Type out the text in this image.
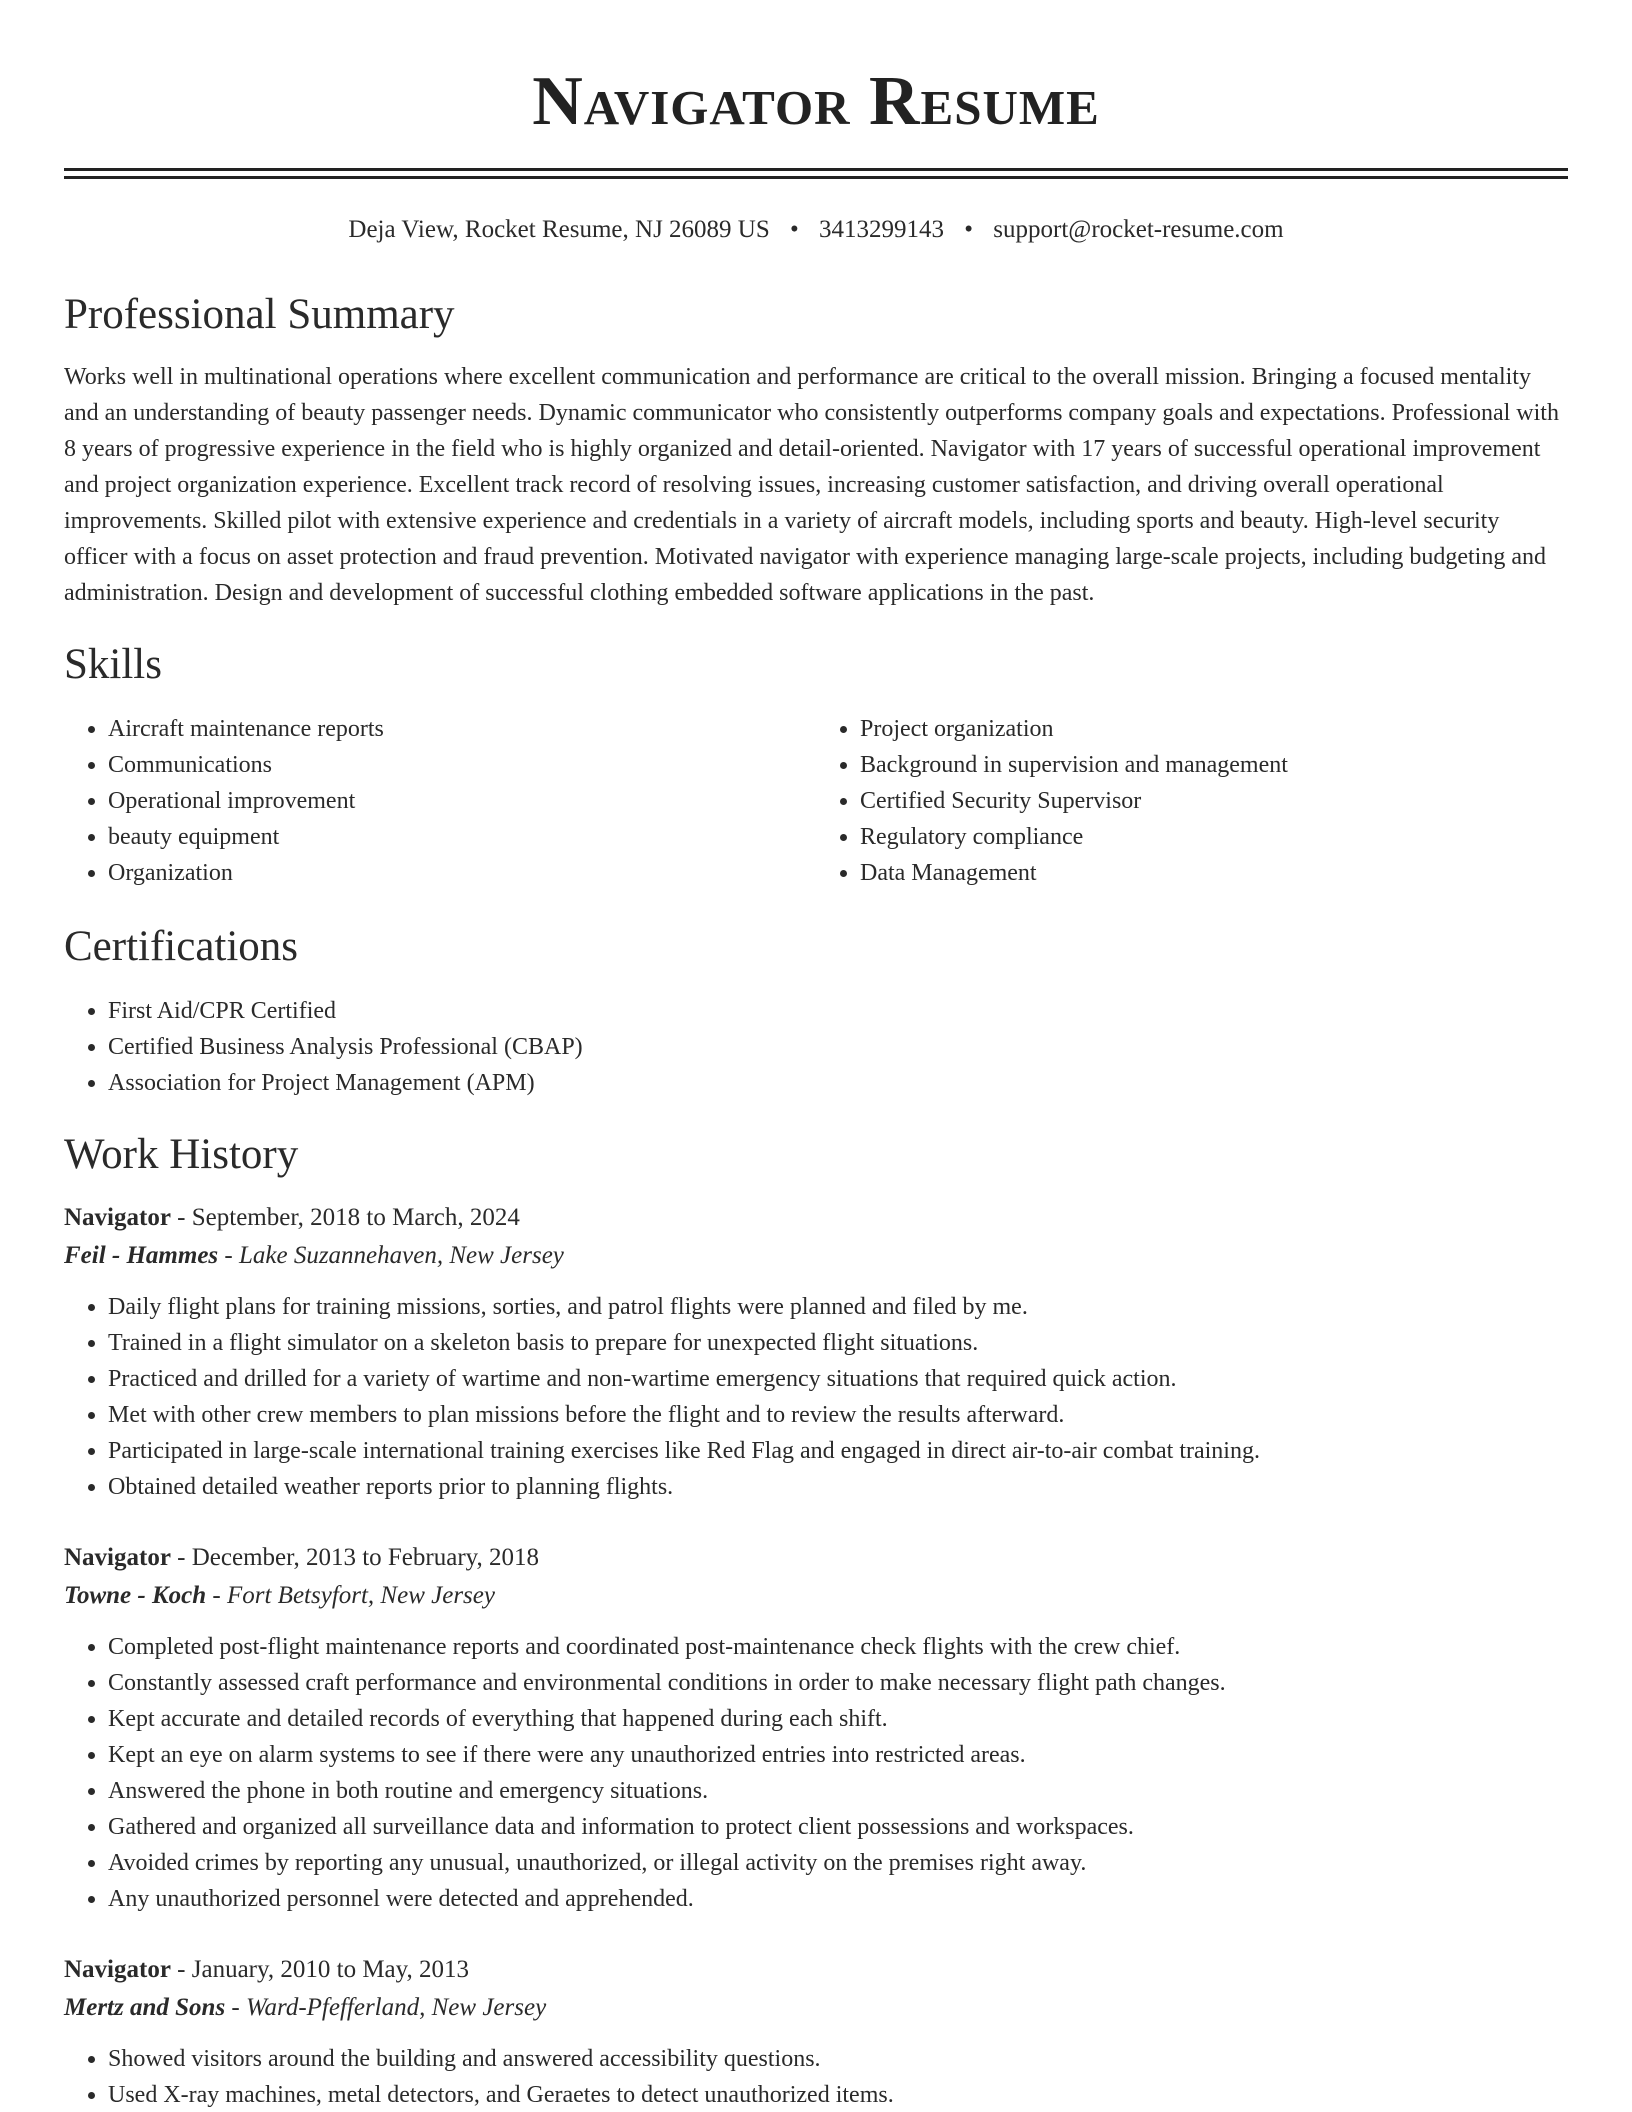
Navigator Resume
Deja View, Rocket Resume, NJ 26089 US • 3413299143 • support@rocket-resume.com
Professional Summary

Works well in multinational operations where excellent communication and performance are critical to the overall mission. Bringing a focused mentality and an understanding of beauty passenger needs. Dynamic communicator who consistently outperforms company goals and expectations. Professional with 8 years of progressive experience in the field who is highly organized and detail-oriented. Navigator with 17 years of successful operational improvement and project organization experience. Excellent track record of resolving issues, increasing customer satisfaction, and driving overall operational improvements. Skilled pilot with extensive experience and credentials in a variety of aircraft models, including sports and beauty. High-level security officer with a focus on asset protection and fraud prevention. Motivated navigator with experience managing large-scale projects, including budgeting and administration. Design and development of successful clothing embedded software applications in the past.

Skills
• Aircraft maintenance reports
• Communications
• Operational improvement
• beauty equipment
• Organization
• Project organization
• Background in supervision and management
• Certified Security Supervisor
• Regulatory compliance
• Data Management
Certifications
• First Aid/CPR Certified
• Certified Business Analysis Professional (CBAP)
• Association for Project Management (APM)
Work History
Navigator - September, 2018 to March, 2024
Feil - Hammes - Lake Suzannehaven, New Jersey
• Daily flight plans for training missions, sorties, and patrol flights were planned and filed by me.
• Trained in a flight simulator on a skeleton basis to prepare for unexpected flight situations.
• Practiced and drilled for a variety of wartime and non-wartime emergency situations that required quick action.
• Met with other crew members to plan missions before the flight and to review the results afterward.
• Participated in large-scale international training exercises like Red Flag and engaged in direct air-to-air combat training.
• Obtained detailed weather reports prior to planning flights.
Navigator - December, 2013 to February, 2018
Towne - Koch - Fort Betsyfort, New Jersey
• Completed post-flight maintenance reports and coordinated post-maintenance check flights with the crew chief.
• Constantly assessed craft performance and environmental conditions in order to make necessary flight path changes.
• Kept accurate and detailed records of everything that happened during each shift.
• Kept an eye on alarm systems to see if there were any unauthorized entries into restricted areas.
• Answered the phone in both routine and emergency situations.
• Gathered and organized all surveillance data and information to protect client possessions and workspaces.
• Avoided crimes by reporting any unusual, unauthorized, or illegal activity on the premises right away.
• Any unauthorized personnel were detected and apprehended.
Navigator - January, 2010 to May, 2013
Mertz and Sons - Ward-Pfefferland, New Jersey
• Showed visitors around the building and answered accessibility questions.
• Used X-ray machines, metal detectors, and Geraetes to detect unauthorized items.
